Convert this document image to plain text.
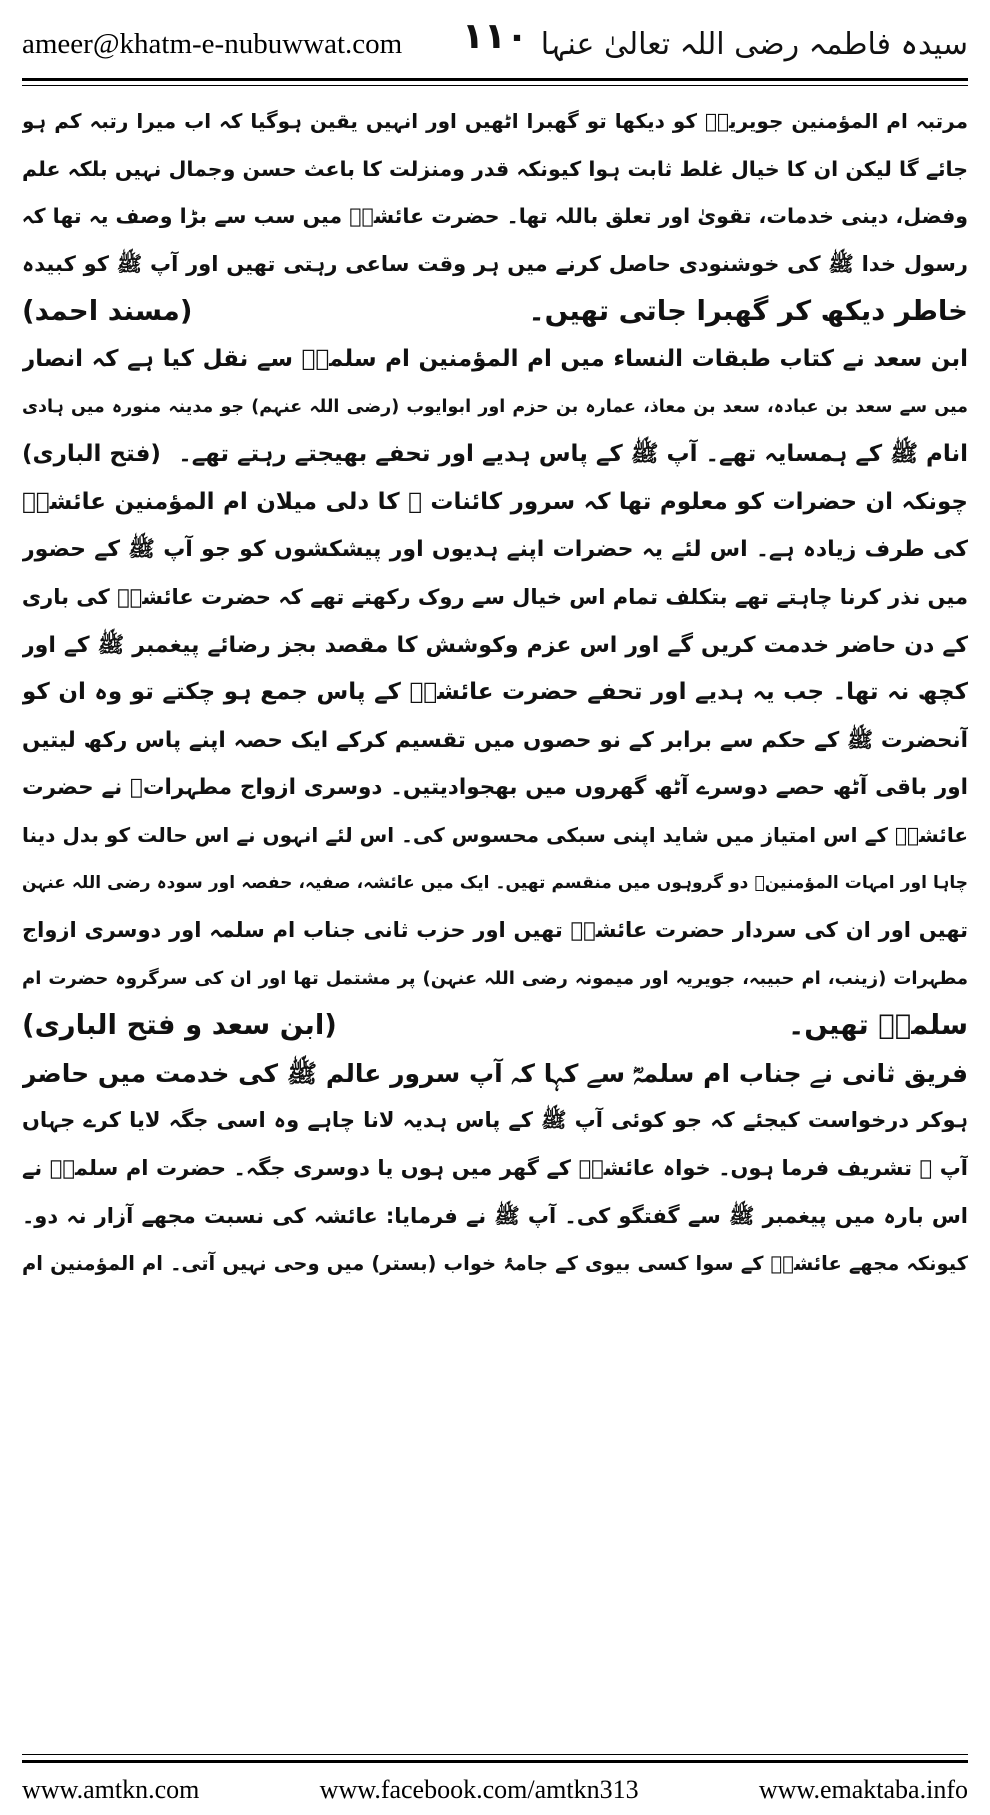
ameer@khatm-e-nubuwwat.com ١١٠ سیدہ فاطمہ رضی اللہ تعالیٰ عنہا
مرتبہ ام المؤمنین جویریہؓ کو دیکھا تو گھبرا اٹھیں اور انہیں یقین ہوگیا کہ اب میرا رتبہ کم ہو
جائے گا لیکن ان کا خیال غلط ثابت ہوا کیونکہ قدر ومنزلت کا باعث حسن وجمال نہیں بلکہ علم
وفضل، دینی خدمات، تقویٰ اور تعلق باللہ تھا۔ حضرت عائشہؓ میں سب سے بڑا وصف یہ تھا کہ
رسول خدا ﷺ کی خوشنودی حاصل کرنے میں ہر وقت ساعی رہتی تھیں اور آپ ﷺ کو کبیدہ
خاطر دیکھ کر گھبرا جاتی تھیں۔
(مسند احمد)
ابن سعد نے کتاب طبقات النساء میں ام المؤمنین ام سلمہؓ سے نقل کیا ہے کہ انصار
میں سے سعد بن عبادہ، سعد بن معاذ، عمارہ بن حزم اور ابوایوب (رضی اللہ عنہم) جو مدینہ منورہ میں ہادی
انام ﷺ کے ہمسایہ تھے۔ آپ ﷺ کے پاس ہدیے اور تحفے بھیجتے رہتے تھے۔
(فتح الباری)
چونکہ ان حضرات کو معلوم تھا کہ سرور کائنات ﷺ کا دلی میلان ام المؤمنین عائشہؓ
کی طرف زیادہ ہے۔ اس لئے یہ حضرات اپنے ہدیوں اور پیشکشوں کو جو آپ ﷺ کے حضور
میں نذر کرنا چاہتے تھے بتکلف تمام اس خیال سے روک رکھتے تھے کہ حضرت عائشہؓ کی باری
کے دن حاضر خدمت کریں گے اور اس عزم وکوشش کا مقصد بجز رضائے پیغمبر ﷺ کے اور
کچھ نہ تھا۔ جب یہ ہدیے اور تحفے حضرت عائشہؓ کے پاس جمع ہو چکتے تو وہ ان کو
آنحضرت ﷺ کے حکم سے برابر کے نو حصوں میں تقسیم کرکے ایک حصہ اپنے پاس رکھ لیتیں
اور باقی آٹھ حصے دوسرے آٹھ گھروں میں بھجوادیتیں۔ دوسری ازواج مطہراتؓ نے حضرت
عائشہؓ کے اس امتیاز میں شاید اپنی سبکی محسوس کی۔ اس لئے انہوں نے اس حالت کو بدل دینا
چاہا اور امہات المؤمنینؓ دو گروہوں میں منقسم تھیں۔ ایک میں عائشہ، صفیہ، حفصہ اور سودہ رضی اللہ عنہن
تھیں اور ان کی سردار حضرت عائشہؓ تھیں اور حزب ثانی جناب ام سلمہ اور دوسری ازواج
مطہرات (زینب، ام حبیبہ، جویریہ اور میمونہ رضی اللہ عنہن) پر مشتمل تھا اور ان کی سرگروہ حضرت ام
سلمہؓ تھیں۔
(ابن سعد و فتح الباری)
فریق ثانی نے جناب ام سلمہؓ سے کہا کہ آپ سرور عالم ﷺ کی خدمت میں حاضر
ہوکر درخواست کیجئے کہ جو کوئی آپ ﷺ کے پاس ہدیہ لانا چاہے وہ اسی جگہ لایا کرے جہاں
آپ ﷺ تشریف فرما ہوں۔ خواہ عائشہؓ کے گھر میں ہوں یا دوسری جگہ۔ حضرت ام سلمہؓ نے
اس بارہ میں پیغمبر ﷺ سے گفتگو کی۔ آپ ﷺ نے فرمایا: عائشہ کی نسبت مجھے آزار نہ دو۔
کیونکہ مجھے عائشہؓ کے سوا کسی بیوی کے جامۂ خواب (بستر) میں وحی نہیں آتی۔ ام المؤمنین ام
www.amtkn.com	www.facebook.com/amtkn313	www.emaktaba.info
